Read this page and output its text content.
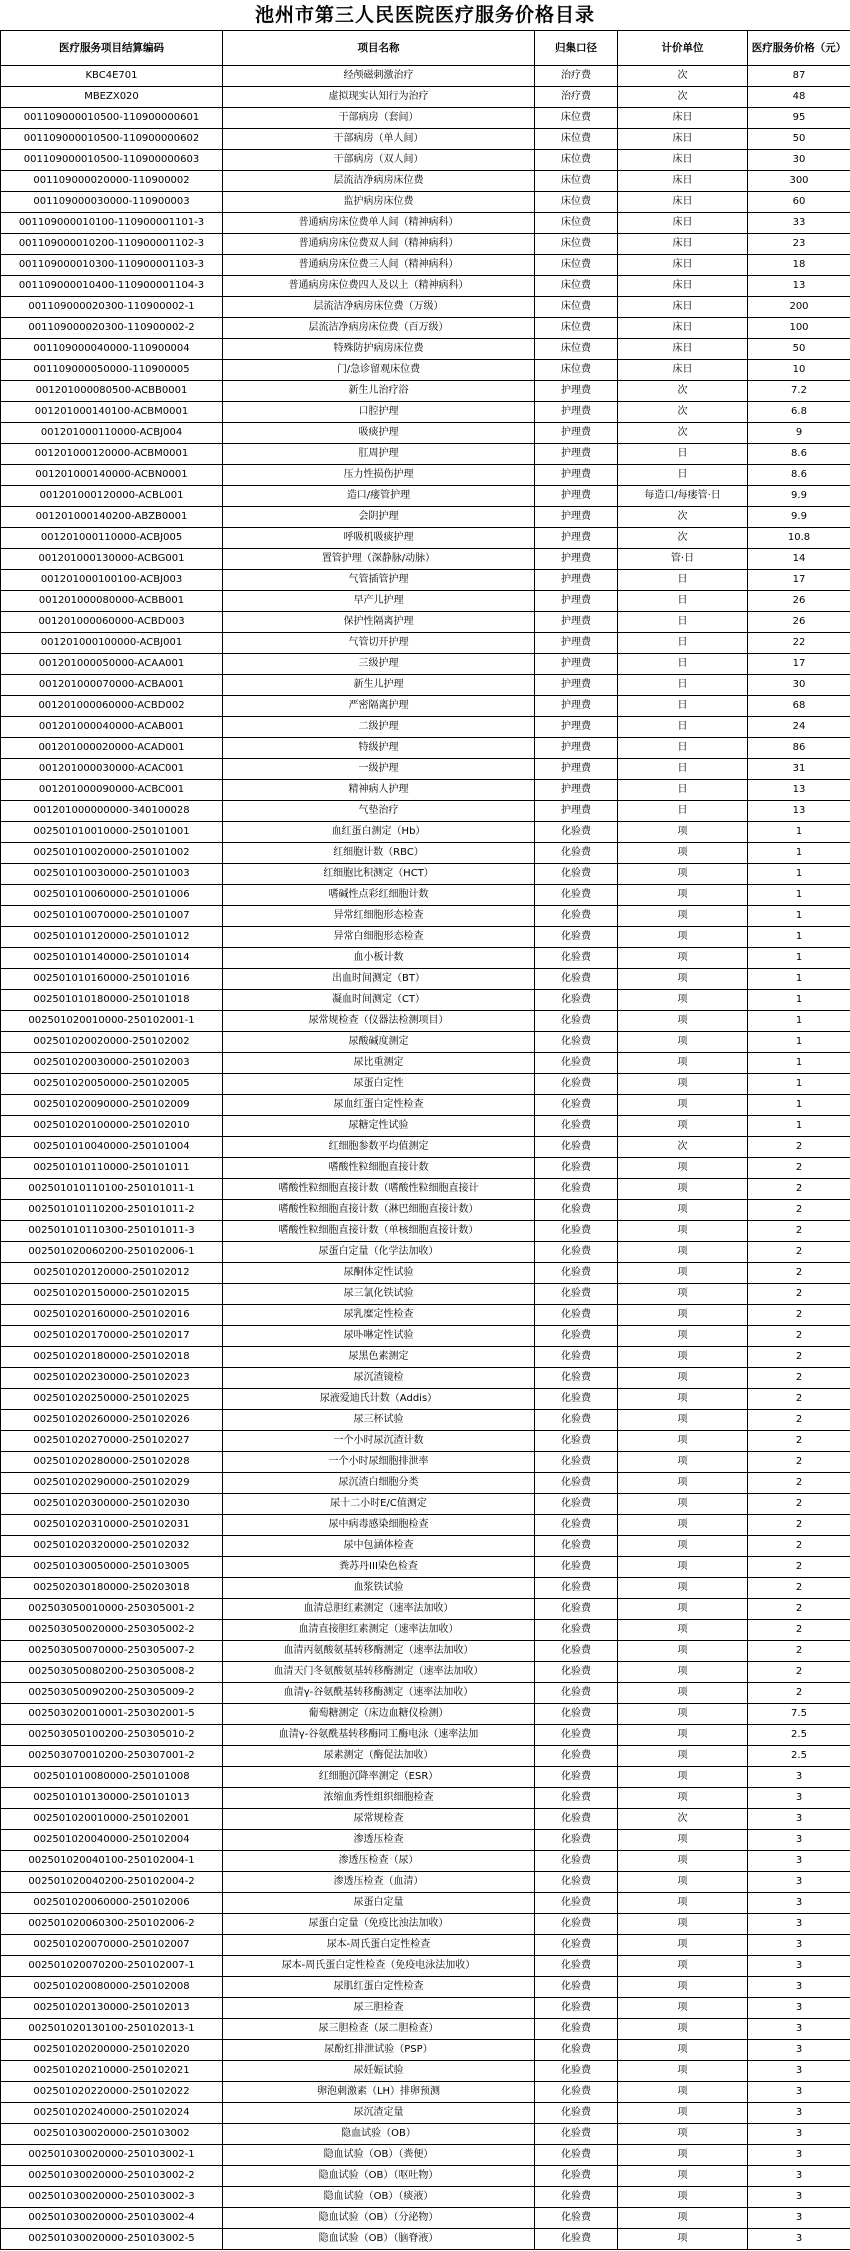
池州市第三人民医院医疗服务价格目录
医疗服务项目结算编码	项目名称	归集口径	计价单位	医疗服务价格（元）
KBC4E701	经颅磁刺激治疗	治疗费	次	87
MBEZX020	虚拟现实认知行为治疗	治疗费	次	48
001109000010500-110900000601	干部病房（套间）	床位费	床日	95
001109000010500-110900000602	干部病房（单人间）	床位费	床日	50
001109000010500-110900000603	干部病房（双人间）	床位费	床日	30
001109000020000-110900002	层流洁净病房床位费	床位费	床日	300
001109000030000-110900003	监护病房床位费	床位费	床日	60
001109000010100-110900001101-3	普通病房床位费单人间（精神病科）	床位费	床日	33
001109000010200-110900001102-3	普通病房床位费双人间（精神病科）	床位费	床日	23
001109000010300-110900001103-3	普通病房床位费三人间（精神病科）	床位费	床日	18
001109000010400-110900001104-3	普通病房床位费四人及以上（精神病科）	床位费	床日	13
001109000020300-110900002-1	层流洁净病房床位费（万级）	床位费	床日	200
001109000020300-110900002-2	层流洁净病房床位费（百万级）	床位费	床日	100
001109000040000-110900004	特殊防护病房床位费	床位费	床日	50
001109000050000-110900005	门/急诊留观床位费	床位费	床日	10
001201000080500-ACBB0001	新生儿治疗浴	护理费	次	7.2
001201000140100-ACBM0001	口腔护理	护理费	次	6.8
001201000110000-ACBJ004	吸痰护理	护理费	次	9
001201000120000-ACBM0001	肛周护理	护理费	日	8.6
001201000140000-ACBN0001	压力性损伤护理	护理费	日	8.6
001201000120000-ACBL001	造口/瘘管护理	护理费	每造口/每瘘管·日	9.9
001201000140200-ABZB0001	会阴护理	护理费	次	9.9
001201000110000-ACBJ005	呼吸机吸痰护理	护理费	次	10.8
001201000130000-ACBG001	置管护理（深静脉/动脉）	护理费	管·日	14
001201000100100-ACBJ003	气管插管护理	护理费	日	17
001201000080000-ACBB001	早产儿护理	护理费	日	26
001201000060000-ACBD003	保护性隔离护理	护理费	日	26
001201000100000-ACBJ001	气管切开护理	护理费	日	22
001201000050000-ACAA001	三级护理	护理费	日	17
001201000070000-ACBA001	新生儿护理	护理费	日	30
001201000060000-ACBD002	严密隔离护理	护理费	日	68
001201000040000-ACAB001	二级护理	护理费	日	24
001201000020000-ACAD001	特级护理	护理费	日	86
001201000030000-ACAC001	一级护理	护理费	日	31
001201000090000-ACBC001	精神病人护理	护理费	日	13
001201000000000-340100028	气垫治疗	护理费	日	13
002501010010000-250101001	血红蛋白测定（Hb）	化验费	项	1
002501010020000-250101002	红细胞计数（RBC）	化验费	项	1
002501010030000-250101003	红细胞比积测定（HCT）	化验费	项	1
002501010060000-250101006	嗜碱性点彩红细胞计数	化验费	项	1
002501010070000-250101007	异常红细胞形态检查	化验费	项	1
002501010120000-250101012	异常白细胞形态检查	化验费	项	1
002501010140000-250101014	血小板计数	化验费	项	1
002501010160000-250101016	出血时间测定（BT）	化验费	项	1
002501010180000-250101018	凝血时间测定（CT）	化验费	项	1
002501020010000-250102001-1	尿常规检查（仪器法检测项目）	化验费	项	1
002501020020000-250102002	尿酸碱度测定	化验费	项	1
002501020030000-250102003	尿比重测定	化验费	项	1
002501020050000-250102005	尿蛋白定性	化验费	项	1
002501020090000-250102009	尿血红蛋白定性检查	化验费	项	1
002501020100000-250102010	尿糖定性试验	化验费	项	1
002501010040000-250101004	红细胞参数平均值测定	化验费	次	2
002501010110000-250101011	嗜酸性粒细胞直接计数	化验费	项	2
002501010110100-250101011-1	嗜酸性粒细胞直接计数（嗜酸性粒细胞直接计	化验费	项	2
002501010110200-250101011-2	嗜酸性粒细胞直接计数（淋巴细胞直接计数）	化验费	项	2
002501010110300-250101011-3	嗜酸性粒细胞直接计数（单核细胞直接计数）	化验费	项	2
002501020060200-250102006-1	尿蛋白定量（化学法加收）	化验费	项	2
002501020120000-250102012	尿酮体定性试验	化验费	项	2
002501020150000-250102015	尿三氯化铁试验	化验费	项	2
002501020160000-250102016	尿乳糜定性检查	化验费	项	2
002501020170000-250102017	尿卟啉定性试验	化验费	项	2
002501020180000-250102018	尿黑色素测定	化验费	项	2
002501020230000-250102023	尿沉渣镜检	化验费	项	2
002501020250000-250102025	尿液爱迪氏计数（Addis）	化验费	项	2
002501020260000-250102026	尿三杯试验	化验费	项	2
002501020270000-250102027	一个小时尿沉渣计数	化验费	项	2
002501020280000-250102028	一个小时尿细胞排泄率	化验费	项	2
002501020290000-250102029	尿沉渣白细胞分类	化验费	项	2
002501020300000-250102030	尿十二小时E/C值测定	化验费	项	2
002501020310000-250102031	尿中病毒感染细胞检查	化验费	项	2
002501020320000-250102032	尿中包涵体检查	化验费	项	2
002501030050000-250103005	粪苏丹III染色检查	化验费	项	2
002502030180000-250203018	血浆铁试验	化验费	项	2
002503050010000-250305001-2	血清总胆红素测定（速率法加收）	化验费	项	2
002503050020000-250305002-2	血清直接胆红素测定（速率法加收）	化验费	项	2
002503050070000-250305007-2	血清丙氨酸氨基转移酶测定（速率法加收）	化验费	项	2
002503050080200-250305008-2	血清天门冬氨酸氨基转移酶测定（速率法加收）	化验费	项	2
002503050090200-250305009-2	血清γ-谷氨酰基转移酶测定（速率法加收）	化验费	项	2
002503020010001-250302001-5	葡萄糖测定（床边血糖仪检测）	化验费	项	7.5
002503050100200-250305010-2	血清γ-谷氨酰基转移酶同工酶电泳（速率法加	化验费	项	2.5
002503070010200-250307001-2	尿素测定（酶促法加收）	化验费	项	2.5
002501010080000-250101008	红细胞沉降率测定（ESR）	化验费	项	3
002501010130000-250101013	浓缩血秀性组织细胞检查	化验费	项	3
002501020010000-250102001	尿常规检查	化验费	次	3
002501020040000-250102004	渗透压检查	化验费	项	3
002501020040100-250102004-1	渗透压检查（尿）	化验费	项	3
002501020040200-250102004-2	渗透压检查（血清）	化验费	项	3
002501020060000-250102006	尿蛋白定量	化验费	项	3
002501020060300-250102006-2	尿蛋白定量（免疫比浊法加收）	化验费	项	3
002501020070000-250102007	尿本-周氏蛋白定性检查	化验费	项	3
002501020070200-250102007-1	尿本-周氏蛋白定性检查（免疫电泳法加收）	化验费	项	3
002501020080000-250102008	尿肌红蛋白定性检查	化验费	项	3
002501020130000-250102013	尿三胆检查	化验费	项	3
002501020130100-250102013-1	尿三胆检查（尿二胆检查）	化验费	项	3
002501020200000-250102020	尿酚红排泄试验（PSP）	化验费	项	3
002501020210000-250102021	尿妊娠试验	化验费	项	3
002501020220000-250102022	卵泡刺激素（LH）排卵预测	化验费	项	3
002501020240000-250102024	尿沉渣定量	化验费	项	3
002501030020000-250103002	隐血试验（OB）	化验费	项	3
002501030020000-250103002-1	隐血试验（OB）（粪便）	化验费	项	3
002501030020000-250103002-2	隐血试验（OB）（呕吐物）	化验费	项	3
002501030020000-250103002-3	隐血试验（OB）（痰液）	化验费	项	3
002501030020000-250103002-4	隐血试验（OB）（分泌物）	化验费	项	3
002501030020000-250103002-5	隐血试验（OB）（脑脊液）	化验费	项	3
